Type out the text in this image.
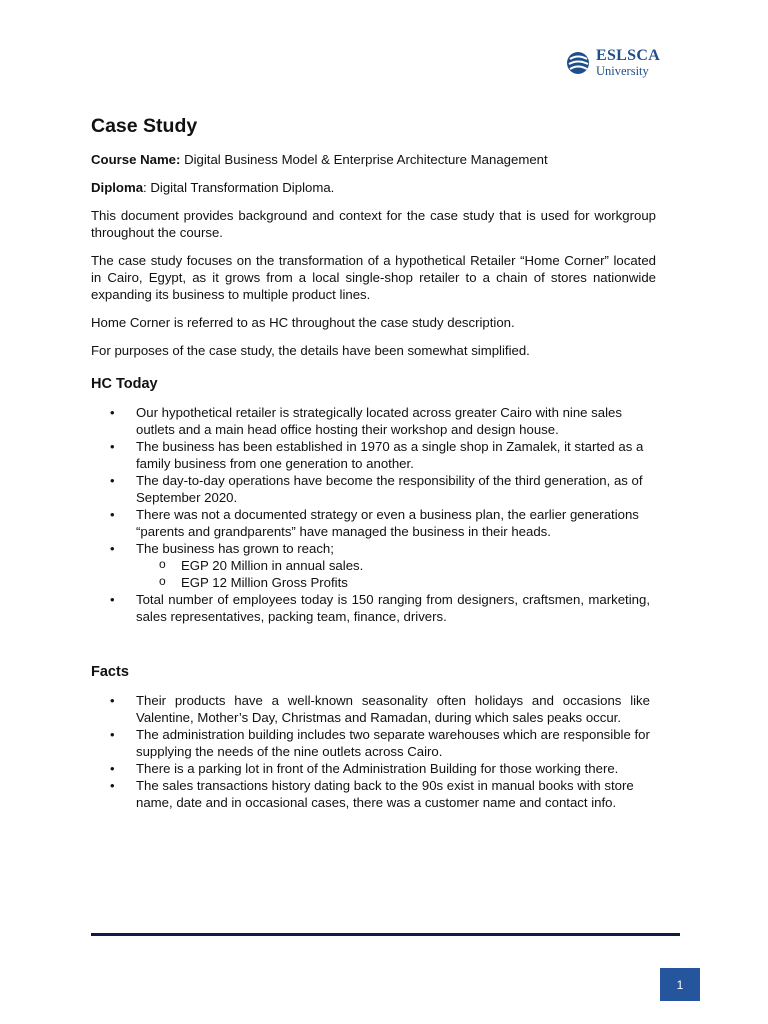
ESLSCA
University
Case Study

Course Name: Digital Business Model & Enterprise Architecture Management

Diploma: Digital Transformation Diploma.

This document provides background and context for the case study that is used for workgroup throughout the course.

The case study focuses on the transformation of a hypothetical Retailer “Home Corner” located in Cairo, Egypt, as it grows from a local single-shop retailer to a chain of stores nationwide expanding its business to multiple product lines.

Home Corner is referred to as HC throughout the case study description.

For purposes of the case study, the details have been somewhat simplified.

HC Today
• Our hypothetical retailer is strategically located across greater Cairo with nine sales outlets and a main head office hosting their workshop and design house.
• The business has been established in 1970 as a single shop in Zamalek, it started as a family business from one generation to another.
• The day-to-day operations have become the responsibility of the third generation, as of September 2020.
• There was not a documented strategy or even a business plan, the earlier generations “parents and grandparents” have managed the business in their heads.
• The business has grown to reach;
o EGP 20 Million in annual sales.
o EGP 12 Million Gross Profits
• Total number of employees today is 150 ranging from designers, craftsmen, marketing, sales representatives, packing team, finance, drivers.
Facts
• Their products have a well-known seasonality often holidays and occasions like Valentine, Mother’s Day, Christmas and Ramadan, during which sales peaks occur.
• The administration building includes two separate warehouses which are responsible for supplying the needs of the nine outlets across Cairo.
• There is a parking lot in front of the Administration Building for those working there.
• The sales transactions history dating back to the 90s exist in manual books with store name, date and in occasional cases, there was a customer name and contact info.
1
